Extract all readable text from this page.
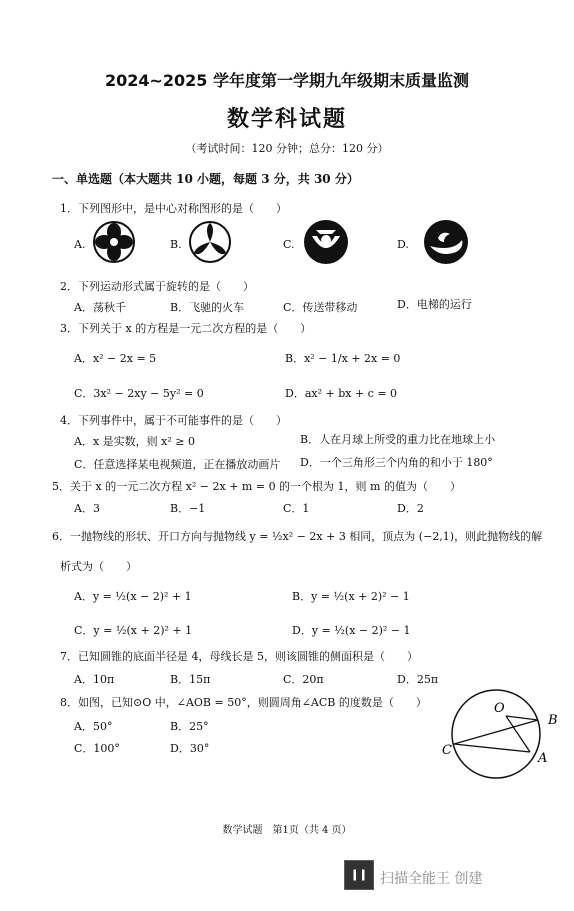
2024~2025 学年度第一学期九年级期末质量监测
数学科试题
（考试时间：120 分钟；总分：120 分）
一、单选题（本大题共 10 小题，每题 3 分，共 30 分）
1．下列图形中，是中心对称图形的是（　　）
A.	B.	C.	D.
2．下列运动形式属于旋转的是（　　）
A．荡秋千	B．飞驰的火车	C．传送带移动	D．电梯的运行
3．下列关于 x 的方程是一元二次方程的是（　　）
A．x² − 2x = 5	B．x² − 1/x + 2x = 0
C．3x² − 2xy − 5y² = 0	D．ax² + bx + c = 0
4．下列事件中，属于不可能事件的是（　　）
A．x 是实数，则 x² ≥ 0	B．人在月球上所受的重力比在地球上小
C．任意选择某电视频道，正在播放动画片 D．一个三角形三个内角的和小于 180°
5．关于 x 的一元二次方程 x² − 2x + m = 0 的一个根为 1，则 m 的值为（　　）
A．3	B．−1	C．1	D．2
6．一抛物线的形状、开口方向与抛物线 y = ½x² − 2x + 3 相同，顶点为 (−2,1)，则此抛物线的解
析式为（　　）
A．y = ½(x − 2)² + 1	B．y = ½(x + 2)² − 1
C．y = ½(x + 2)² + 1	D．y = ½(x − 2)² − 1
7．已知圆锥的底面半径是 4，母线长是 5，则该圆锥的侧面积是（　　）
A．10π	B．15π	C．20π	D．25π
8．如图，已知⊙O 中，∠AOB = 50°，则圆周角∠ACB 的度数是（　　）
A．50°	B．25°
C．100°	D．30°
O
B
A
C
数学试题　第1页（共 4 页）
扫描全能王 创建
